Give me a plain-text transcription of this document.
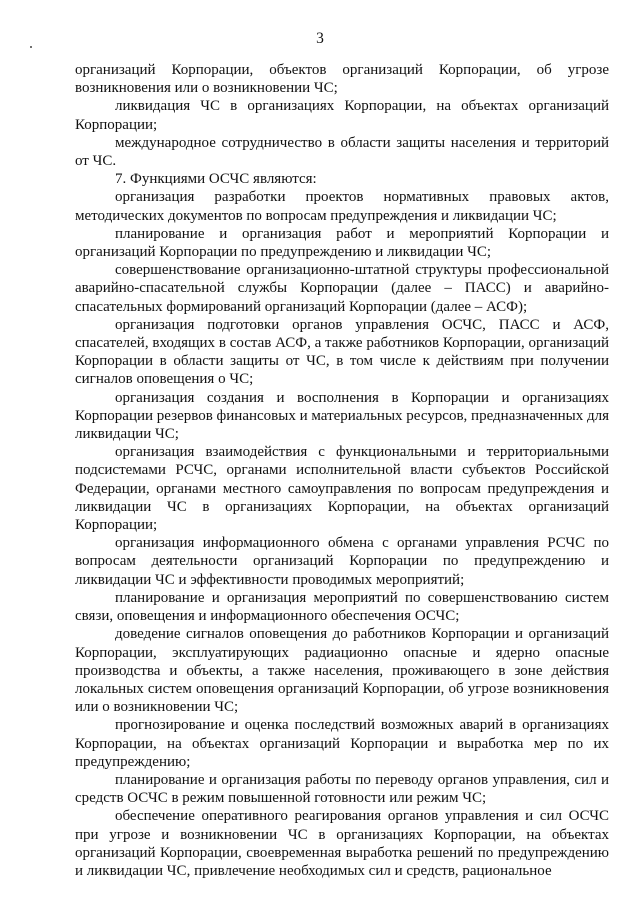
3

организаций Корпорации, объектов организаций Корпорации, об угрозе возникновения или о возникновении ЧС;

ликвидация ЧС в организациях Корпорации, на объектах организаций Корпорации;

международное сотрудничество в области защиты населения и территорий от ЧС.

7. Функциями ОСЧС являются:

организация разработки проектов нормативных правовых актов, методических документов по вопросам предупреждения и ликвидации ЧС;

планирование и организация работ и мероприятий Корпорации и организаций Корпорации по предупреждению и ликвидации ЧС;

совершенствование организационно-штатной структуры профессиональной аварийно-спасательной службы Корпорации (далее – ПАСС) и аварийно-спасательных формирований организаций Корпорации (далее – АСФ);

организация подготовки органов управления ОСЧС, ПАСС и АСФ, спасателей, входящих в состав АСФ, а также работников Корпорации, организаций Корпорации в области защиты от ЧС, в том числе к действиям при получении сигналов оповещения о ЧС;

организация создания и восполнения в Корпорации и организациях Корпорации резервов финансовых и материальных ресурсов, предназначенных для ликвидации ЧС;

организация взаимодействия с функциональными и территориальными подсистемами РСЧС, органами исполнительной власти субъектов Российской Федерации, органами местного самоуправления по вопросам предупреждения и ликвидации ЧС в организациях Корпорации, на объектах организаций Корпорации;

организация информационного обмена с органами управления РСЧС по вопросам деятельности организаций Корпорации по предупреждению и ликвидации ЧС и эффективности проводимых мероприятий;

планирование и организация мероприятий по совершенствованию систем связи, оповещения и информационного обеспечения ОСЧС;

доведение сигналов оповещения до работников Корпорации и организаций Корпорации, эксплуатирующих радиационно опасные и ядерно опасные производства и объекты, а также населения, проживающего в зоне действия локальных систем оповещения организаций Корпорации, об угрозе возникновения или о возникновении ЧС;

прогнозирование и оценка последствий возможных аварий в организациях Корпорации, на объектах организаций Корпорации и выработка мер по их предупреждению;

планирование и организация работы по переводу органов управления, сил и средств ОСЧС в режим повышенной готовности или режим ЧС;

обеспечение оперативного реагирования органов управления и сил ОСЧС при угрозе и возникновении ЧС в организациях Корпорации, на объектах организаций Корпорации, своевременная выработка решений по предупреждению и ликвидации ЧС, привлечение необходимых сил и средств, рациональное
